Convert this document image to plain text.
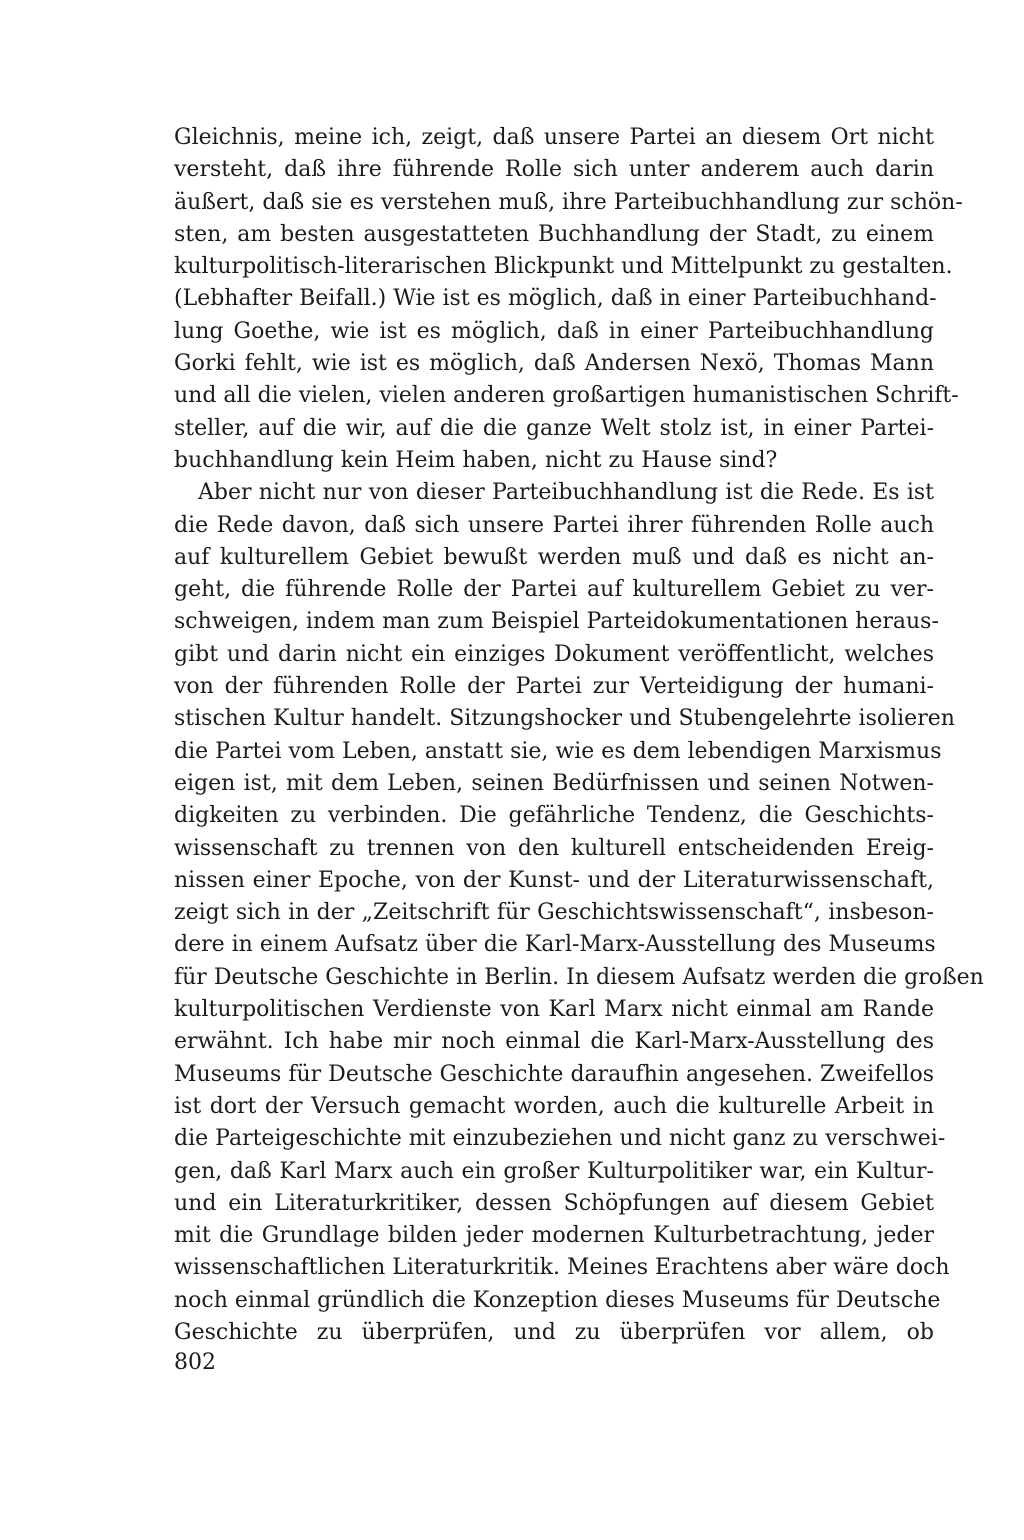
Gleichnis, meine ich, zeigt, daß unsere Partei an diesem Ort nicht
versteht, daß ihre führende Rolle sich unter anderem auch darin
äußert, daß sie es verstehen muß, ihre Parteibuchhandlung zur schön-
sten, am besten ausgestatteten Buchhandlung der Stadt, zu einem
kulturpolitisch-literarischen Blickpunkt und Mittelpunkt zu gestalten.
(Lebhafter Beifall.) Wie ist es möglich, daß in einer Parteibuchhand-
lung Goethe, wie ist es möglich, daß in einer Parteibuchhandlung
Gorki fehlt, wie ist es möglich, daß Andersen Nexö, Thomas Mann
und all die vielen, vielen anderen großartigen humanistischen Schrift-
steller, auf die wir, auf die die ganze Welt stolz ist, in einer Partei-
buchhandlung kein Heim haben, nicht zu Hause sind?
Aber nicht nur von dieser Parteibuchhandlung ist die Rede. Es ist
die Rede davon, daß sich unsere Partei ihrer führenden Rolle auch
auf kulturellem Gebiet bewußt werden muß und daß es nicht an-
geht, die führende Rolle der Partei auf kulturellem Gebiet zu ver-
schweigen, indem man zum Beispiel Parteidokumentationen heraus-
gibt und darin nicht ein einziges Dokument veröffentlicht, welches
von der führenden Rolle der Partei zur Verteidigung der humani-
stischen Kultur handelt. Sitzungshocker und Stubengelehrte isolieren
die Partei vom Leben, anstatt sie, wie es dem lebendigen Marxismus
eigen ist, mit dem Leben, seinen Bedürfnissen und seinen Notwen-
digkeiten zu verbinden. Die gefährliche Tendenz, die Geschichts-
wissenschaft zu trennen von den kulturell entscheidenden Ereig-
nissen einer Epoche, von der Kunst- und der Literaturwissenschaft,
zeigt sich in der „Zeitschrift für Geschichtswissenschaft“, insbeson-
dere in einem Aufsatz über die Karl-Marx-Ausstellung des Museums
für Deutsche Geschichte in Berlin. In diesem Aufsatz werden die großen
kulturpolitischen Verdienste von Karl Marx nicht einmal am Rande
erwähnt. Ich habe mir noch einmal die Karl-Marx-Ausstellung des
Museums für Deutsche Geschichte daraufhin angesehen. Zweifellos
ist dort der Versuch gemacht worden, auch die kulturelle Arbeit in
die Parteigeschichte mit einzubeziehen und nicht ganz zu verschwei-
gen, daß Karl Marx auch ein großer Kulturpolitiker war, ein Kultur-
und ein Literaturkritiker, dessen Schöpfungen auf diesem Gebiet
mit die Grundlage bilden jeder modernen Kulturbetrachtung, jeder
wissenschaftlichen Literaturkritik. Meines Erachtens aber wäre doch
noch einmal gründlich die Konzeption dieses Museums für Deutsche
Geschichte zu überprüfen, und zu überprüfen vor allem, ob
802
